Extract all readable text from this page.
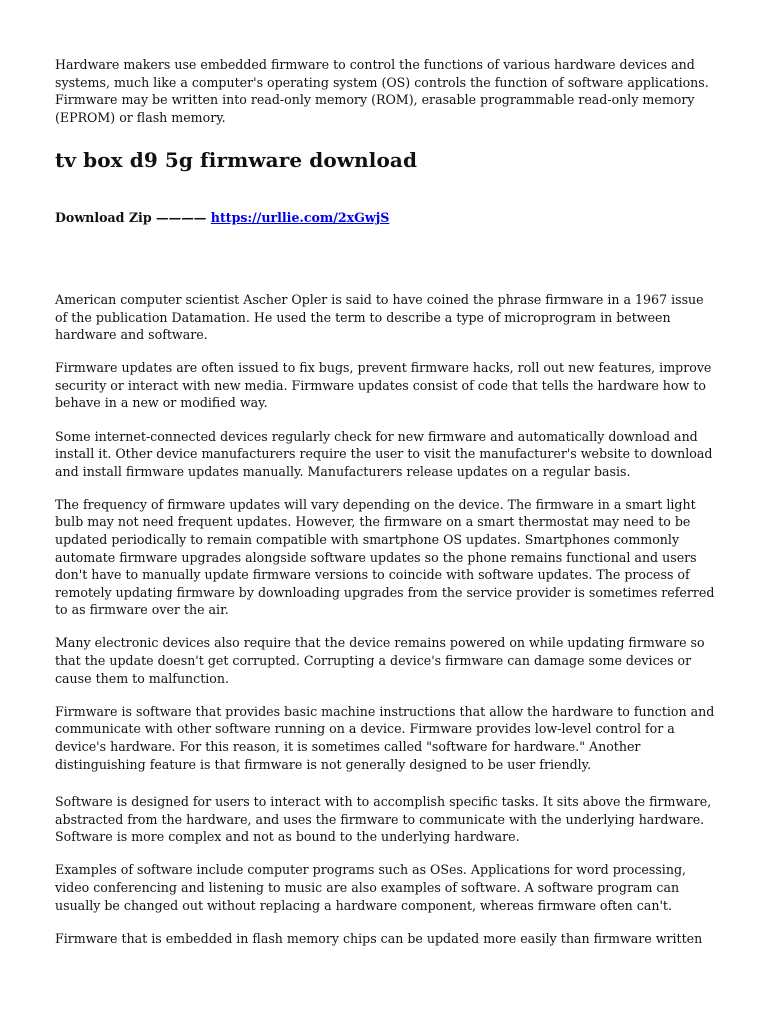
Hardware makers use embedded firmware to control the functions of various hardware devices and systems, much like a computer's operating system (OS) controls the function of software applications. Firmware may be written into read-only memory (ROM), erasable programmable read-only memory (EPROM) or flash memory.

tv box d9 5g firmware download
Download Zip ———— https://urllie.com/2xGwjS

American computer scientist Ascher Opler is said to have coined the phrase firmware in a 1967 issue of the publication Datamation. He used the term to describe a type of microprogram in between hardware and software.

Firmware updates are often issued to fix bugs, prevent firmware hacks, roll out new features, improve security or interact with new media. Firmware updates consist of code that tells the hardware how to behave in a new or modified way.

Some internet-connected devices regularly check for new firmware and automatically download and install it. Other device manufacturers require the user to visit the manufacturer's website to download and install firmware updates manually. Manufacturers release updates on a regular basis.

The frequency of firmware updates will vary depending on the device. The firmware in a smart light bulb may not need frequent updates. However, the firmware on a smart thermostat may need to be updated periodically to remain compatible with smartphone OS updates. Smartphones commonly automate firmware upgrades alongside software updates so the phone remains functional and users don't have to manually update firmware versions to coincide with software updates. The process of remotely updating firmware by downloading upgrades from the service provider is sometimes referred to as firmware over the air.

Many electronic devices also require that the device remains powered on while updating firmware so that the update doesn't get corrupted. Corrupting a device's firmware can damage some devices or cause them to malfunction.

Firmware is software that provides basic machine instructions that allow the hardware to function and communicate with other software running on a device. Firmware provides low-level control for a device's hardware. For this reason, it is sometimes called "software for hardware." Another distinguishing feature is that firmware is not generally designed to be user friendly.

Software is designed for users to interact with to accomplish specific tasks. It sits above the firmware, abstracted from the hardware, and uses the firmware to communicate with the underlying hardware. Software is more complex and not as bound to the underlying hardware.

Examples of software include computer programs such as OSes. Applications for word processing, video conferencing and listening to music are also examples of software. A software program can usually be changed out without replacing a hardware component, whereas firmware often can't.

Firmware that is embedded in flash memory chips can be updated more easily than firmware written
